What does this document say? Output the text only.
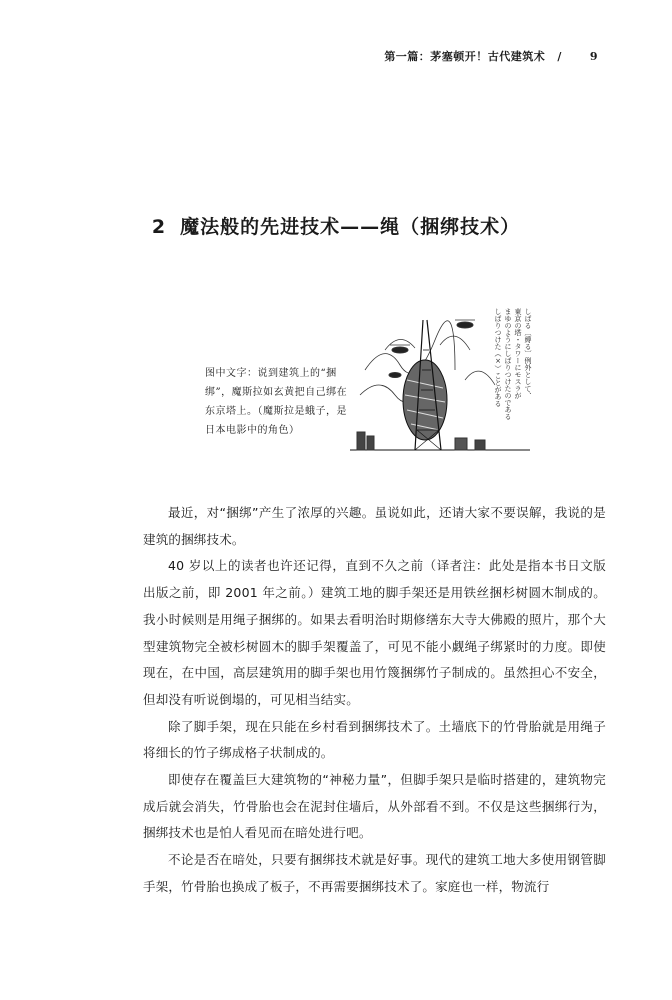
第一篇：茅塞顿开！古代建筑术 /	9
2 魔法般的先进技术——绳（捆绑技术）
图中文字：说到建筑上的“捆绑”，魔斯拉如玄黄把自己绑在东京塔上。（魔斯拉是蛾子，是日本电影中的角色）
しばる〔縛る〕例外として、
東京の塔・タワーにモスラが
まゆのようにしばりつけたのである
しばりつけた（×）ことがある

最近，对“捆绑”产生了浓厚的兴趣。虽说如此，还请大家不要误解，我说的是建筑的捆绑技术。

40 岁以上的读者也许还记得，直到不久之前（译者注：此处是指本书日文版出版之前，即 2001 年之前。）建筑工地的脚手架还是用铁丝捆杉树圆木制成的。我小时候则是用绳子捆绑的。如果去看明治时期修缮东大寺大佛殿的照片，那个大型建筑物完全被杉树圆木的脚手架覆盖了，可见不能小觑绳子绑紧时的力度。即使现在，在中国，高层建筑用的脚手架也用竹篾捆绑竹子制成的。虽然担心不安全，但却没有听说倒塌的，可见相当结实。

除了脚手架，现在只能在乡村看到捆绑技术了。土墙底下的竹骨胎就是用绳子将细长的竹子绑成格子状制成的。

即使存在覆盖巨大建筑物的“神秘力量”，但脚手架只是临时搭建的，建筑物完成后就会消失，竹骨胎也会在泥封住墙后，从外部看不到。不仅是这些捆绑行为，捆绑技术也是怕人看见而在暗处进行吧。

不论是否在暗处，只要有捆绑技术就是好事。现代的建筑工地大多使用钢管脚手架，竹骨胎也换成了板子，不再需要捆绑技术了。家庭也一样，物流行
